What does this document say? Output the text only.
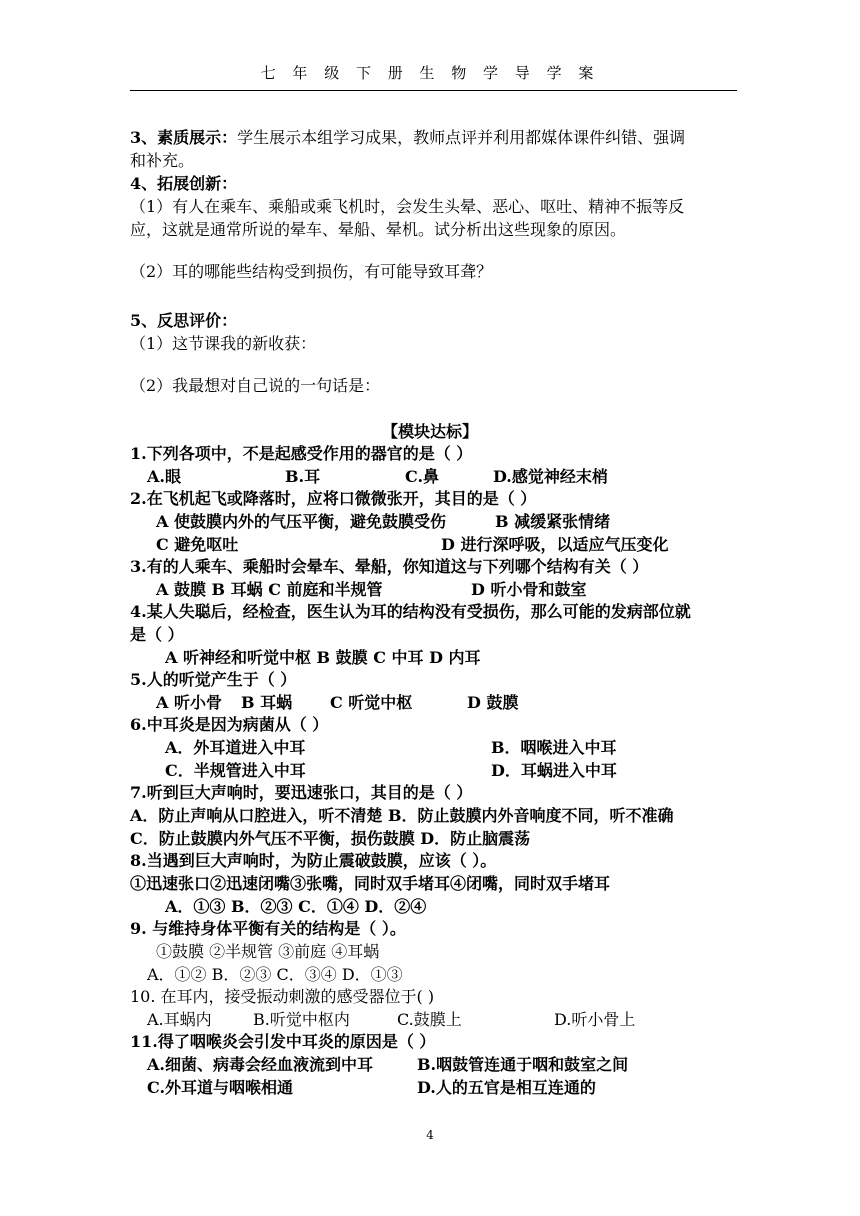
七 年 级 下 册 生 物 学 导 学 案
3、素质展示：学生展示本组学习成果，教师点评并利用都媒体课件纠错、强调
和补充。
4、拓展创新：
（1）有人在乘车、乘船或乘飞机时，会发生头晕、恶心、呕吐、精神不振等反
应，这就是通常所说的晕车、晕船、晕机。试分析出这些现象的原因。
（2）耳的哪能些结构受到损伤，有可能导致耳聋？
5、反思评价：
（1）这节课我的新收获：
（2）我最想对自己说的一句话是：
【模块达标】
1.下列各项中，不是起感受作用的器官的是（ ）
A.眼	B.耳	C.鼻	D.感觉神经末梢
2.在飞机起飞或降落时，应将口微微张开，其目的是（ ）
A 使鼓膜内外的气压平衡，避免鼓膜受伤	B 减缓紧张情绪
C 避免呕吐	D 进行深呼吸，以适应气压变化
3.有的人乘车、乘船时会晕车、晕船，你知道这与下列哪个结构有关（ ）
A 鼓膜 B 耳蜗 C 前庭和半规管	D 听小骨和鼓室
4.某人失聪后，经检查，医生认为耳的结构没有受损伤，那么可能的发病部位就
是（ ）
A 听神经和听觉中枢 B 鼓膜 C 中耳 D 内耳
5.人的听觉产生于（ ）
A 听小骨 B 耳蜗 C 听觉中枢	D 鼓膜
6.中耳炎是因为病菌从（ ）
A．外耳道进入中耳	B．咽喉进入中耳
C．半规管进入中耳	D．耳蜗进入中耳
7.听到巨大声响时，要迅速张口，其目的是（ ）
A．防止声响从口腔进入，听不清楚 B．防止鼓膜内外音响度不同，听不准确
C．防止鼓膜内外气压不平衡，损伤鼓膜 D．防止脑震荡
8.当遇到巨大声响时，为防止震破鼓膜，应该（ ）。
①迅速张口②迅速闭嘴③张嘴，同时双手堵耳④闭嘴，同时双手堵耳
A．①③ B．②③ C．①④ D．②④
9. 与维持身体平衡有关的结构是（ ）。
①鼓膜 ②半规管 ③前庭 ④耳蜗
A．①② B．②③ C．③④ D．①③
10. 在耳内，接受振动刺激的感受器位于( )
A.耳蜗内	B.听觉中枢内	C.鼓膜上	D.听小骨上
11.得了咽喉炎会引发中耳炎的原因是（ ）
A.细菌、病毒会经血液流到中耳	B.咽鼓管连通于咽和鼓室之间
C.外耳道与咽喉相通	D.人的五官是相互连通的
4
